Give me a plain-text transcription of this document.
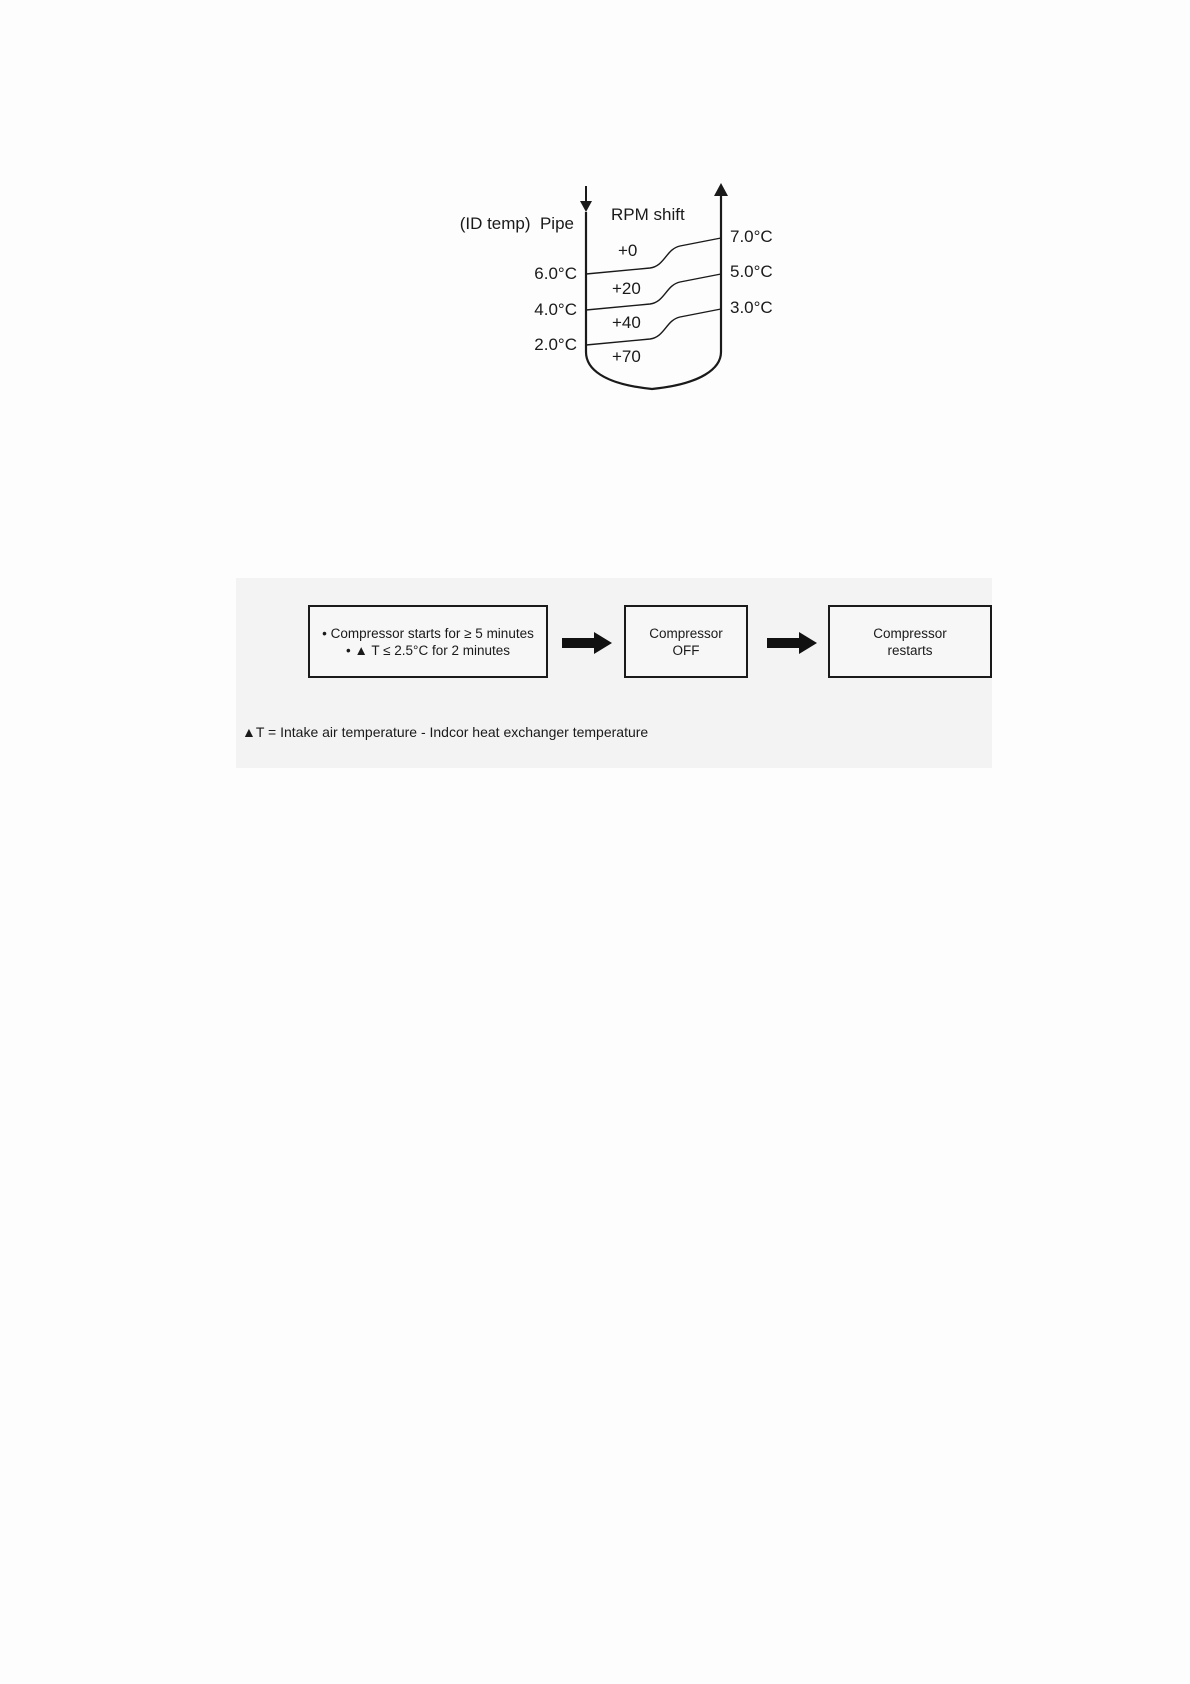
(ID temp)  Pipe RPM shift
6.0°C
4.0°C
2.0°C
7.0°C
5.0°C
3.0°C
+0
+20
+40
+70
• Compressor starts for ≥ 5 minutes
• ▲ T ≤ 2.5°C for 2 minutes
Compressor
OFF
Compressor
restarts
▲T = Intake air temperature - Indcor heat exchanger temperature
